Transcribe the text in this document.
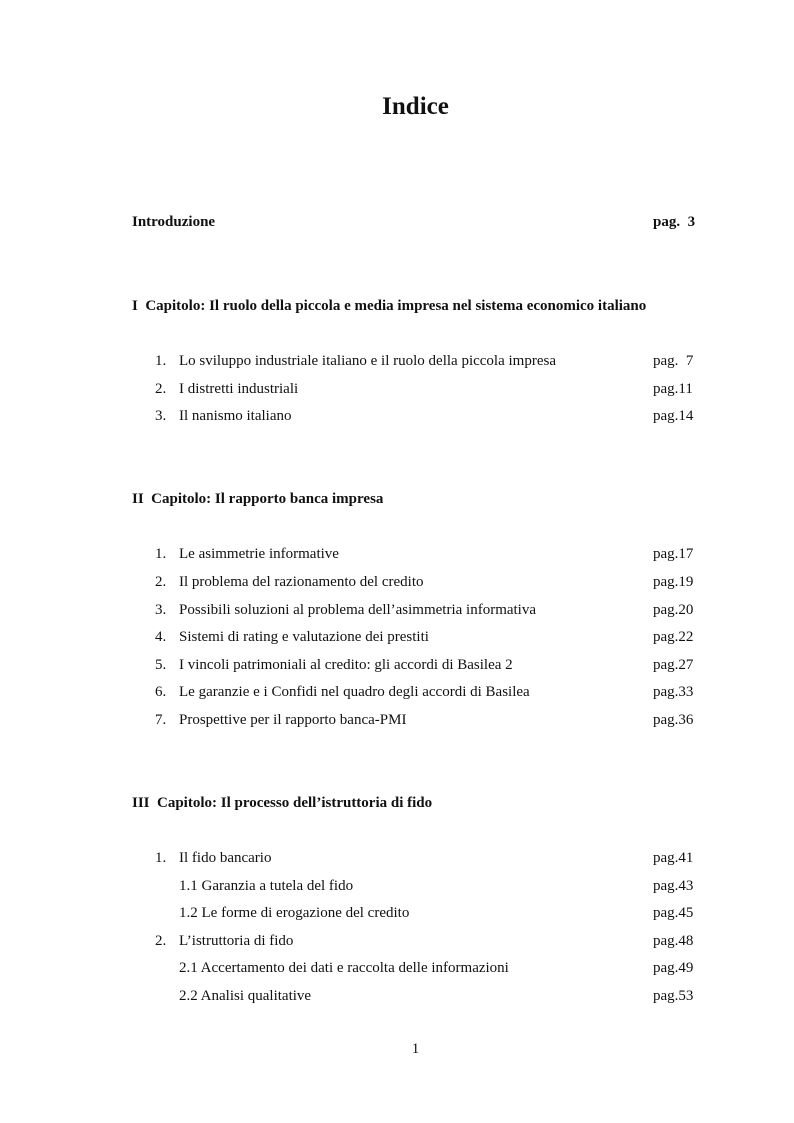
Indice
Introduzione	pag.  3
I  Capitolo: Il ruolo della piccola e media impresa nel sistema economico italiano
1. Lo sviluppo industriale italiano e il ruolo della piccola impresa	pag.  7
2. I distretti industriali	pag.11
3. Il nanismo italiano	pag.14
II  Capitolo: Il rapporto banca impresa
1. Le asimmetrie informative	pag.17
2. Il problema del razionamento del credito	pag.19
3. Possibili soluzioni al problema dell’asimmetria informativa	pag.20
4. Sistemi di rating e valutazione dei prestiti	pag.22
5. I vincoli patrimoniali al credito: gli accordi di Basilea 2	pag.27
6. Le garanzie e i Confidi nel quadro degli accordi di Basilea	pag.33
7. Prospettive per il rapporto banca-PMI	pag.36
III  Capitolo: Il processo dell’istruttoria di fido
1. Il fido bancario	pag.41
1.1 Garanzia a tutela del fido	pag.43
1.2 Le forme di erogazione del credito	pag.45
2. L’istruttoria di fido	pag.48
2.1 Accertamento dei dati e raccolta delle informazioni	pag.49
2.2 Analisi qualitative	pag.53
1
